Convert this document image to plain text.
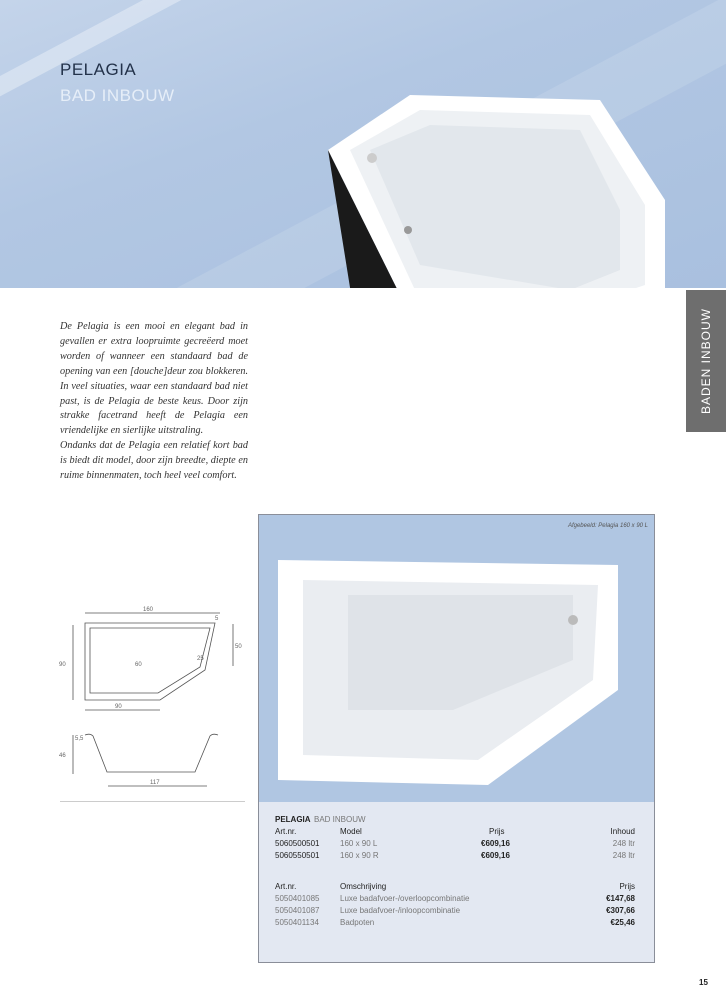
PELAGIA
BAD INBOUW
BADEN INBOUW

De Pelagia is een mooi en elegant bad in gevallen er extra loopruimte gecreëerd moet worden of wanneer een standaard bad de opening van een [douche]deur zou blokkeren. In veel situaties, waar een standaard bad niet past, is de Pelagia de beste keus. Door zijn strakke facetrand heeft de Pelagia een vriendelijke en sierlijke uitstraling.

Ondanks dat de Pelagia een relatief kort bad is biedt dit model, door zijn breedte, diepte en ruime binnenmaten, toch heel veel comfort.

160
5
90
50
60
25
90
46
5,5
117
Afgebeeld: Pelagia 160 x 90 L
PELAGIA BAD INBOUW
Art.nr.	Model	Prijs	Inhoud
5060500501	160 x 90 L	€609,16	248 ltr
5060550501	160 x 90 R	€609,16	248 ltr
Art.nr.	Omschrijving	Prijs
5050401085	Luxe badafvoer-/overloopcombinatie	€147,68
5050401087	Luxe badafvoer-/inloopcombinatie	€307,66
5050401134	Badpoten	€25,46
15
